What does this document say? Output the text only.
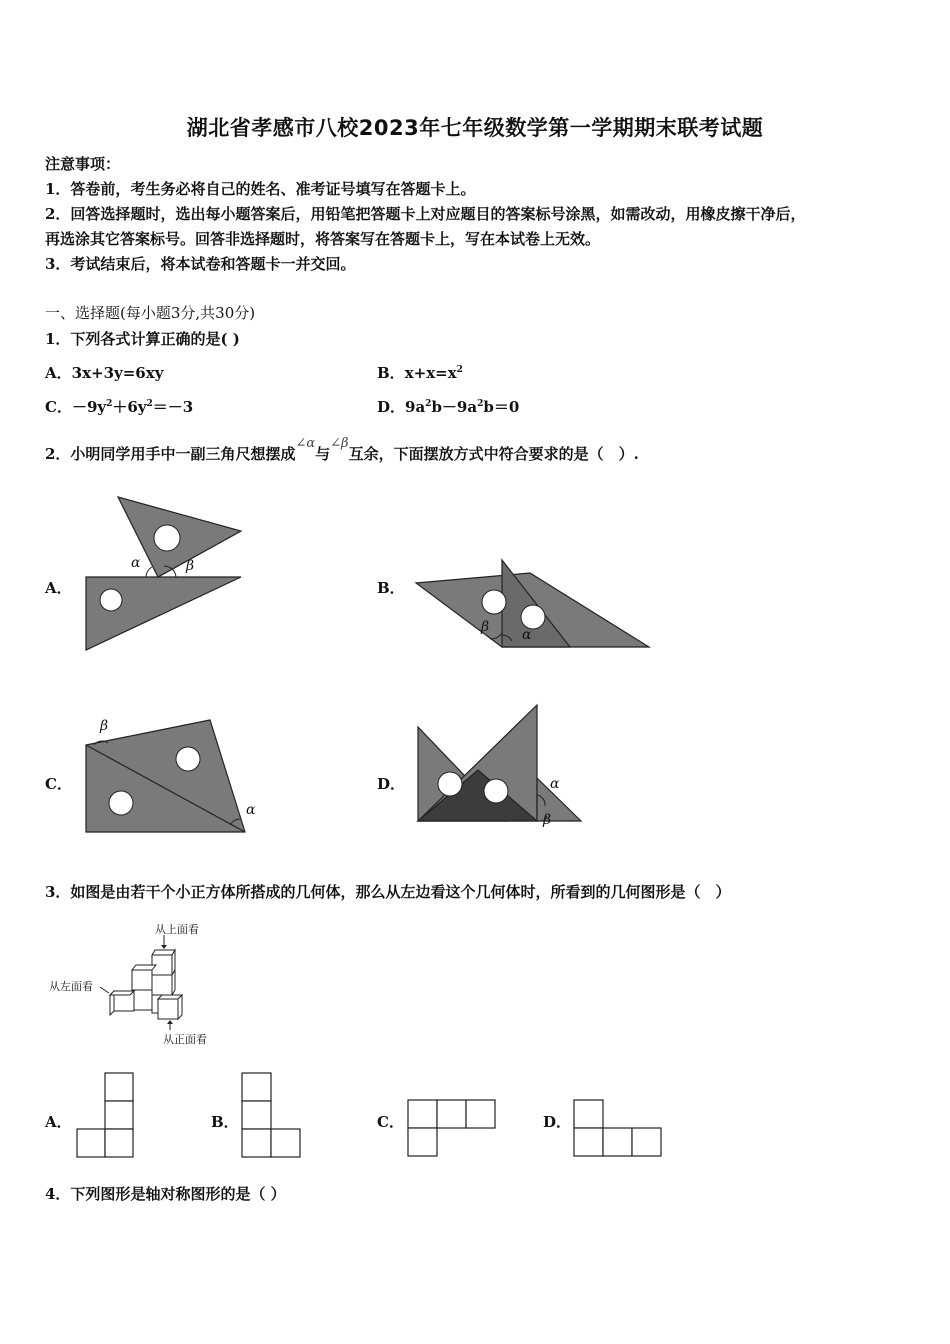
湖北省孝感市八校2023年七年级数学第一学期期末联考试题
注意事项：
1．答卷前，考生务必将自己的姓名、准考证号填写在答题卡上。
2．回答选择题时，选出每小题答案后，用铅笔把答题卡上对应题目的答案标号涂黑，如需改动，用橡皮擦干净后，
再选涂其它答案标号。回答非选择题时，将答案写在答题卡上，写在本试卷上无效。
3．考试结束后，将本试卷和答题卡一并交回。
一、选择题(每小题3分,共30分)
1．下列各式计算正确的是( )
A．3x+3y=6xy	B．$x+x=x^2$
C．$-9y^2+6y^2=-3$	D．$9a^2b-9a^2b=0$
2．小明同学用手中一副三角尺想摆成∠α与∠β互余，下面摆放方式中符合要求的是（　）.
A．	B．
C．	D．
α	β
β α
β
α
α
β
3．如图是由若干个小正方体所搭成的几何体，那么从左边看这个几何体时，所看到的几何图形是（　）
从上面看
从左面看
从正面看
A．	B．	C．	D．
4．下列图形是轴对称图形的是（ ）
